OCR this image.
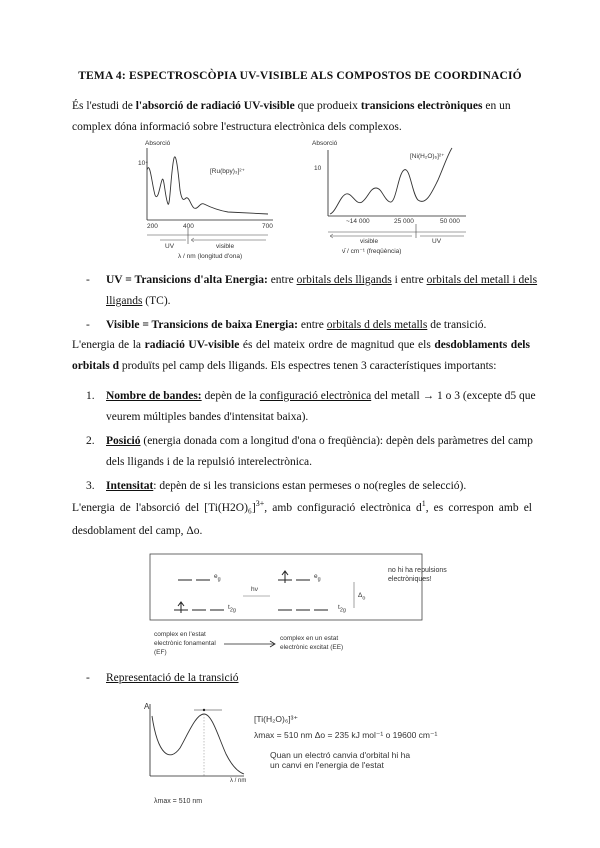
TEMA 4: ESPECTROSCÒPIA UV-VISIBLE ALS COMPOSTOS DE COORDINACIÓ
És l'estudi de l'absorció de radiació UV-visible que produeix transicions electròniques en un complex dóna informació sobre l'estructura electrònica dels complexos.
Absorció
10⁴
[Ru(bpy)₃]²⁺
200	400	700
UV	visible
λ / nm (longitud d'ona)
Absorció
10
[Ni(H₂O)₆]²⁺
~14 000	25 000	50 000
visible	UV
ν̄ / cm⁻¹ (freqüència)
- UV = Transicions d'alta Energia: entre orbitals dels lligands i entre orbitals del metall i dels lligands (TC).
- Visible = Transicions de baixa Energia: entre orbitals d dels metalls de transició.
L'energia de la radiació UV-visible és del mateix ordre de magnitud que els desdoblaments dels orbitals d produïts pel camp dels lligands. Els espectres tenen 3 característiques importants:
1. Nombre de bandes: depèn de la configuració electrònica del metall → 1 o 3 (excepte d5 que veurem múltiples bandes d'intensitat baixa).
2. Posició (energia donada com a longitud d'ona o freqüència): depèn dels paràmetres del camp dels lligands i de la repulsió interelectrònica.
3. Intensitat: depèn de si les transicions estan permeses o no(regles de selecció).
L'energia de l'absorció del $[Ti(H2O)_6]^{3+}$, amb configuració electrònica $d^1$, es correspon amb el desdoblament del camp, Δo.
$e_g$
$t_{2g}$
hν
$e_g$
$t_{2g}$
$\Delta_o$
no hi ha repulsions electròniques!
complex en l'estat electrònic fonamental (EF)
complex en un estat electrònic excitat (EE)
- Representació de la transició
A
λ / nm
[Ti(H₂O)₆]³⁺
λmax = 510 nm Δo = 235 kJ mol⁻¹ o 19600 cm⁻¹
Quan un electró canvia d'orbital hi ha un canvi en l'energia de l'estat
λmax = 510 nm
